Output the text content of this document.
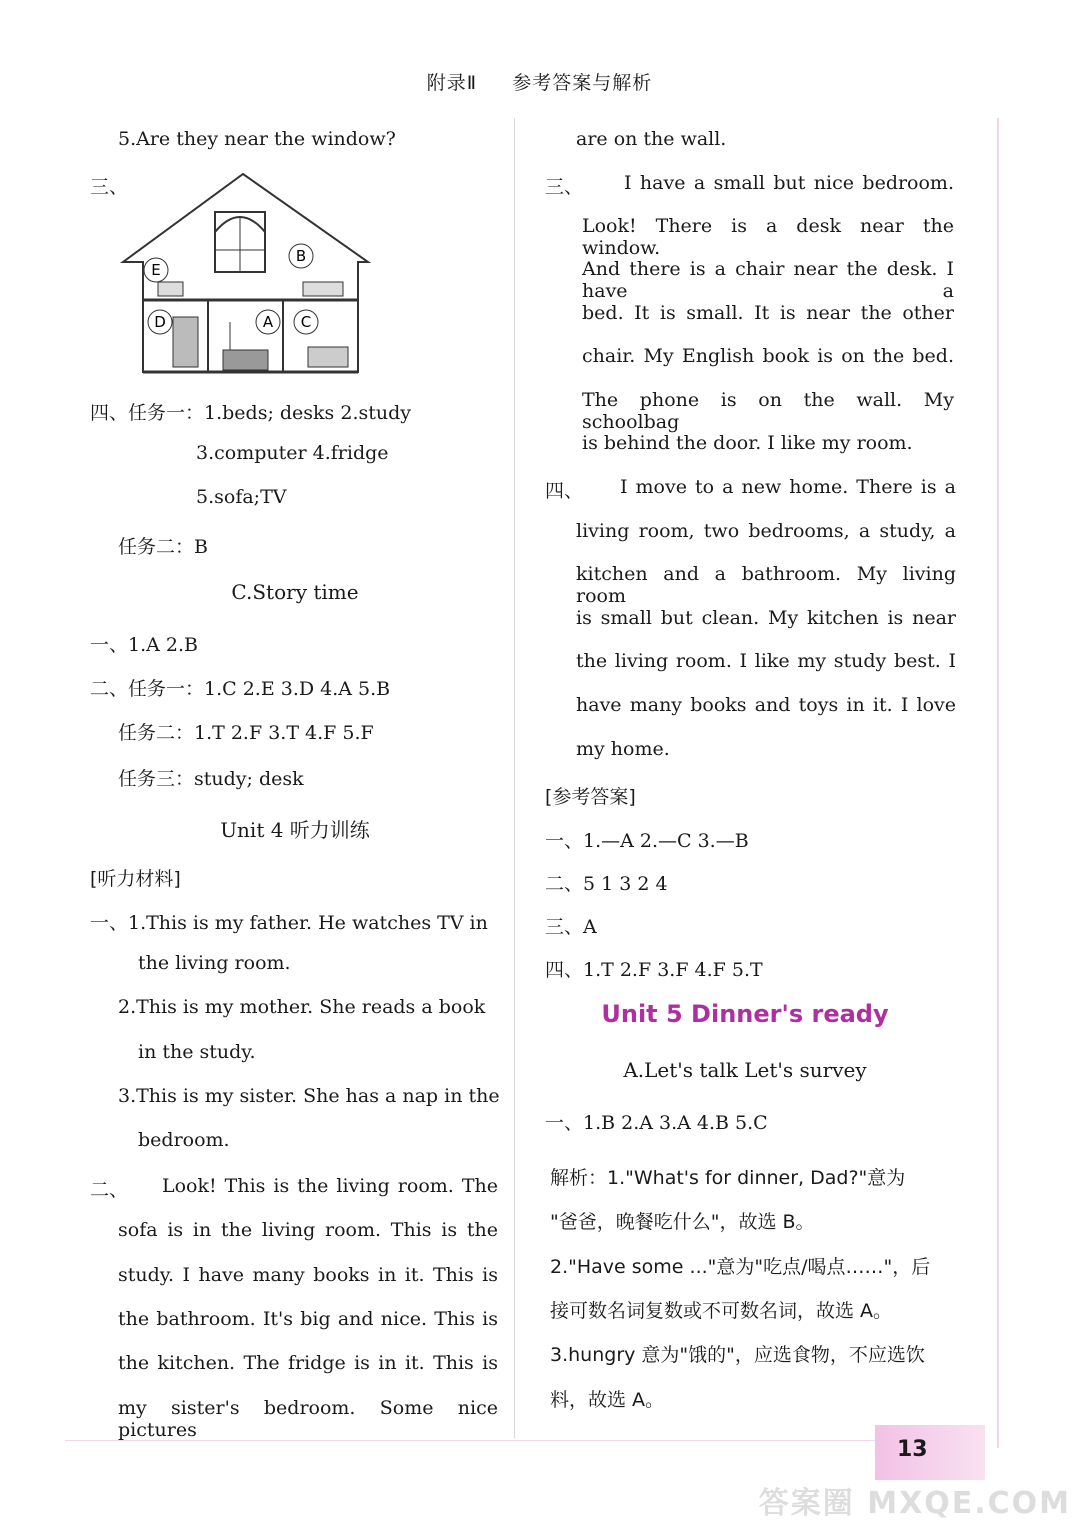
附录Ⅱ 参考答案与解析
5.Are they near the window?
三、
E
B
D	A C
四、任务一：1.beds; desks 2.study
3.computer 4.fridge
5.sofa;TV
任务二：B
C.Story time
一、1.A 2.B
二、任务一：1.C 2.E 3.D 4.A 5.B
任务二：1.T 2.F 3.T 4.F 5.F
任务三：study; desk
Unit 4 听力训练
[听力材料]
一、1.This is my father. He watches TV in
the living room.
2.This is my mother. She reads a book
in the study.
3.This is my sister. She has a nap in the
bedroom.
二、 Look! This is the living room. The
sofa is in the living room. This is the
study. I have many books in it. This is
the bathroom. It's big and nice. This is
the kitchen. The fridge is in it. This is
my sister's bedroom. Some nice pictures
are on the wall.
三、 I have a small but nice bedroom.
Look! There is a desk near the window.
And there is a chair near the desk. I have a
bed. It is small. It is near the other
chair. My English book is on the bed.
The phone is on the wall. My schoolbag
is behind the door. I like my room.
四、 I move to a new home. There is a
living room, two bedrooms, a study, a
kitchen and a bathroom. My living room
is small but clean. My kitchen is near
the living room. I like my study best. I
have many books and toys in it. I love
my home.
[参考答案]
一、1.—A 2.—C 3.—B
二、5 1 3 2 4
三、A
四、1.T 2.F 3.F 4.F 5.T
Unit 5 Dinner's ready
A.Let's talk Let's survey
一、1.B 2.A 3.A 4.B 5.C
解析：1."What's for dinner, Dad?"意为
"爸爸，晚餐吃什么"，故选 B。
2."Have some ..."意为"吃点/喝点……"，后
接可数名词复数或不可数名词，故选 A。
3.hungry 意为"饿的"，应选食物，不应选饮
料，故选 A。
13
答案圈 MXQE.COM
